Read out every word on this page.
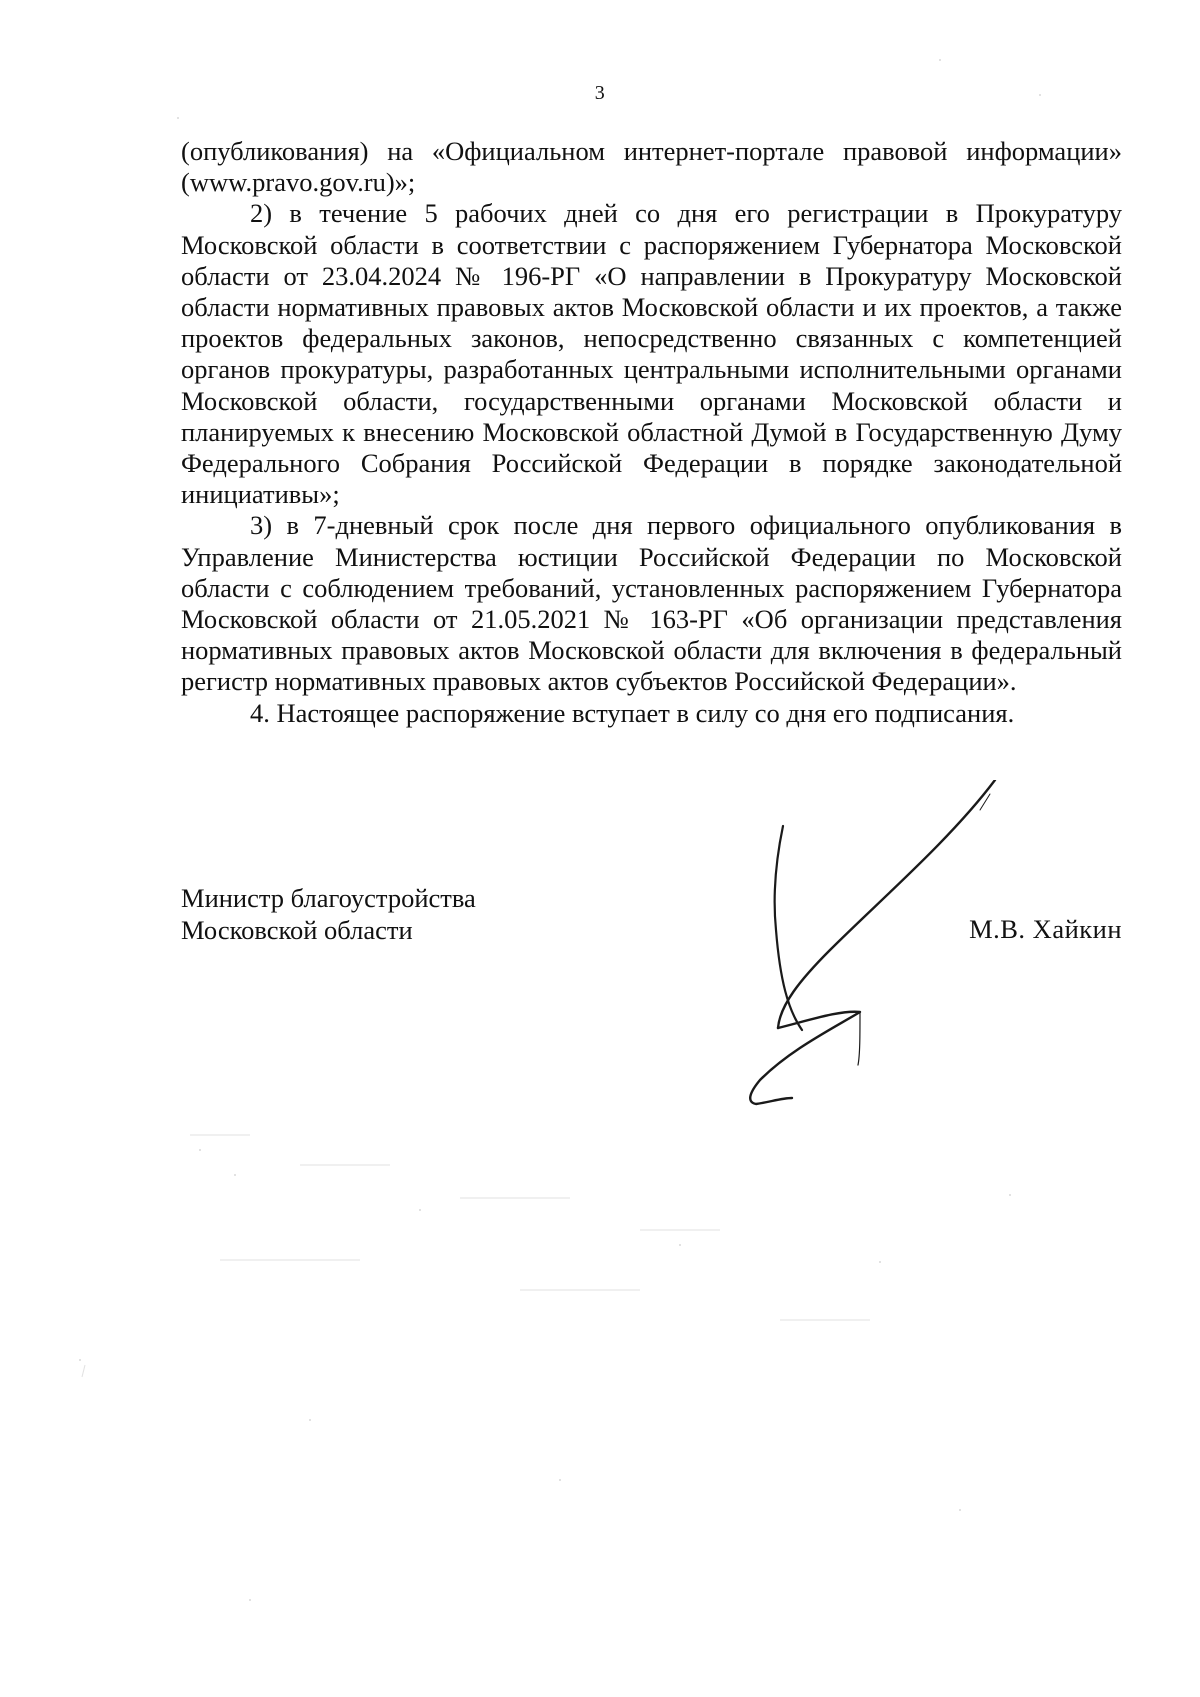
3

(опубликования) на «Официальном интернет-портале правовой информации» (www.pravo.gov.ru)»;

2) в течение 5 рабочих дней со дня его регистрации в Прокуратуру Московской области в соответствии с распоряжением Губернатора Московской области от 23.04.2024 № 196-РГ «О направлении в Прокуратуру Московской области нормативных правовых актов Московской области и их проектов, а также проектов федеральных законов, непосредственно связанных с компетенцией органов прокуратуры, разработанных центральными исполнительными органами Московской области, государственными органами Московской области и планируемых к внесению Московской областной Думой в Государственную Думу Федерального Собрания Российской Федерации в порядке законодательной инициативы»;

3) в 7-дневный срок после дня первого официального опубликования в Управление Министерства юстиции Российской Федерации по Московской области с соблюдением требований, установленных распоряжением Губернатора Московской области от 21.05.2021 № 163-РГ «Об организации представления нормативных правовых актов Московской области для включения в федеральный регистр нормативных правовых актов субъектов Российской Федерации».

4. Настоящее распоряжение вступает в силу со дня его подписания.

Министр благоустройства
Московской области	М.В. Хайкин
